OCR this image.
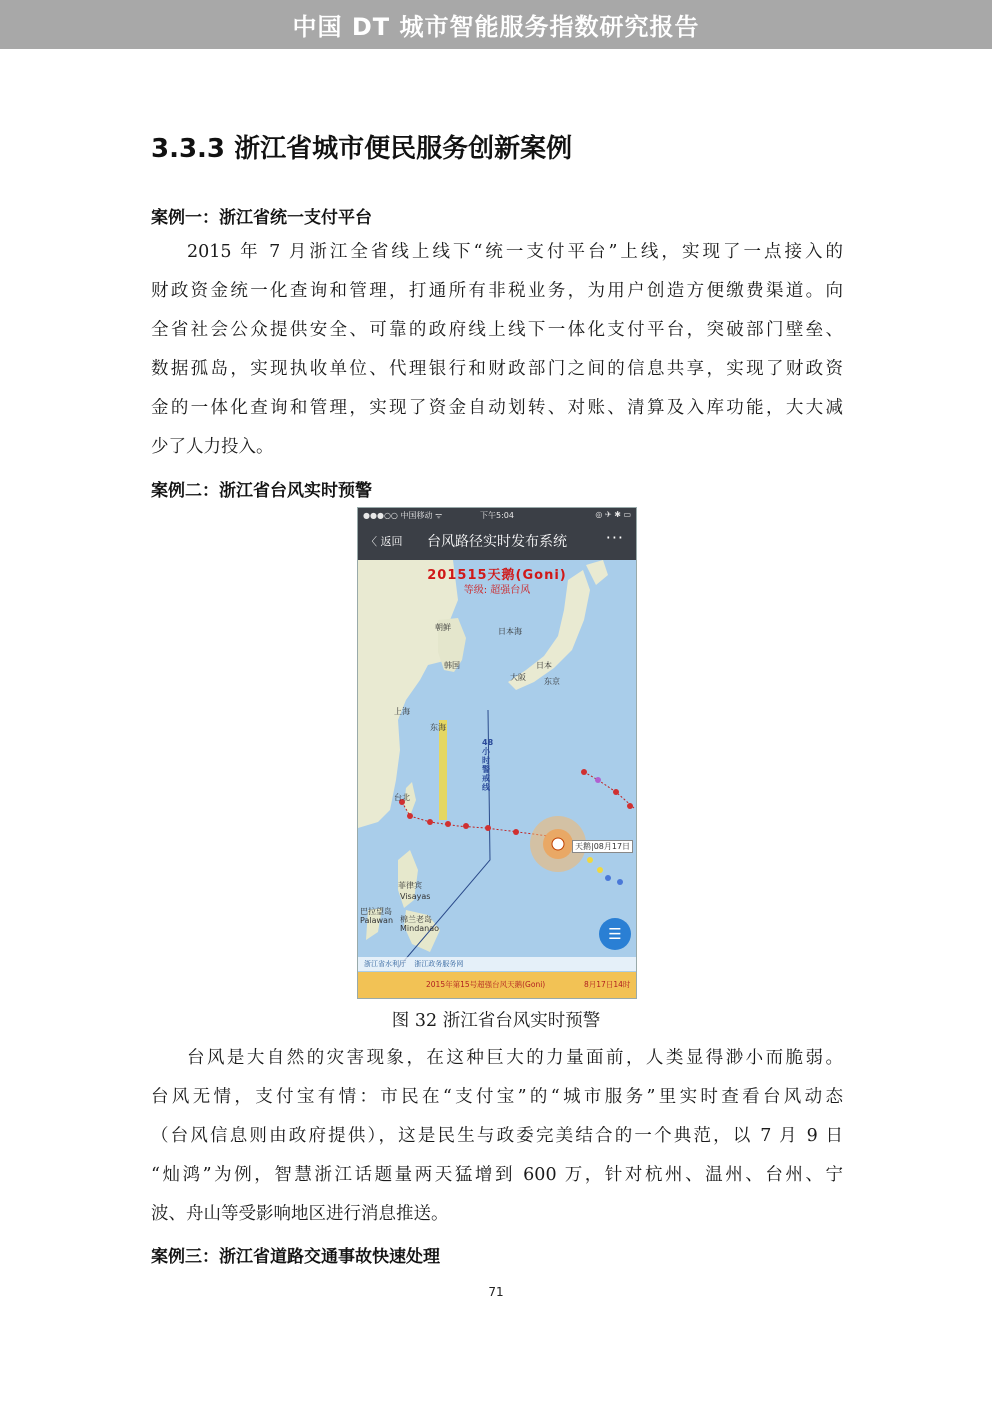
中国 DT 城市智能服务指数研究报告
3.3.3 浙江省城市便民服务创新案例
案例一：浙江省统一支付平台
2015 年 7 月浙江全省线上线下“统一支付平台”上线，实现了一点接入的
财政资金统一化查询和管理，打通所有非税业务，为用户创造方便缴费渠道。向
全省社会公众提供安全、可靠的政府线上线下一体化支付平台，突破部门壁垒、
数据孤岛，实现执收单位、代理银行和财政部门之间的信息共享，实现了财政资
金的一体化查询和管理，实现了资金自动划转、对账、清算及入库功能，大大减
少了人力投入。
案例二：浙江省台风实时预警
●●●○○ 中国移动 ᯤ	下午5:04	◎ ✈ ✱ ▭
〈 返回	台风路径实时发布系统	···
201515天鹅(Goni)
等级: 超强台风
朝鲜
韩国
日本海
日本
东京
大阪
上海
东海
台北
48小时警戒线
菲律宾
Visayas
巴拉望岛
Palawan 棉兰老岛
Mindanao
天鹅|08月17日
☰
浙江省水利厅 浙江政务服务网
2015年第15号超强台风天鹅(Goni)	8月17日14时
图 32 浙江省台风实时预警
台风是大自然的灾害现象，在这种巨大的力量面前，人类显得渺小而脆弱。
台风无情，支付宝有情：市民在“支付宝”的“城市服务”里实时查看台风动态
（台风信息则由政府提供），这是民生与政委完美结合的一个典范，以 7 月 9 日
“灿鸿”为例，智慧浙江话题量两天猛增到 600 万，针对杭州、温州、台州、宁
波、舟山等受影响地区进行消息推送。
案例三：浙江省道路交通事故快速处理
71
